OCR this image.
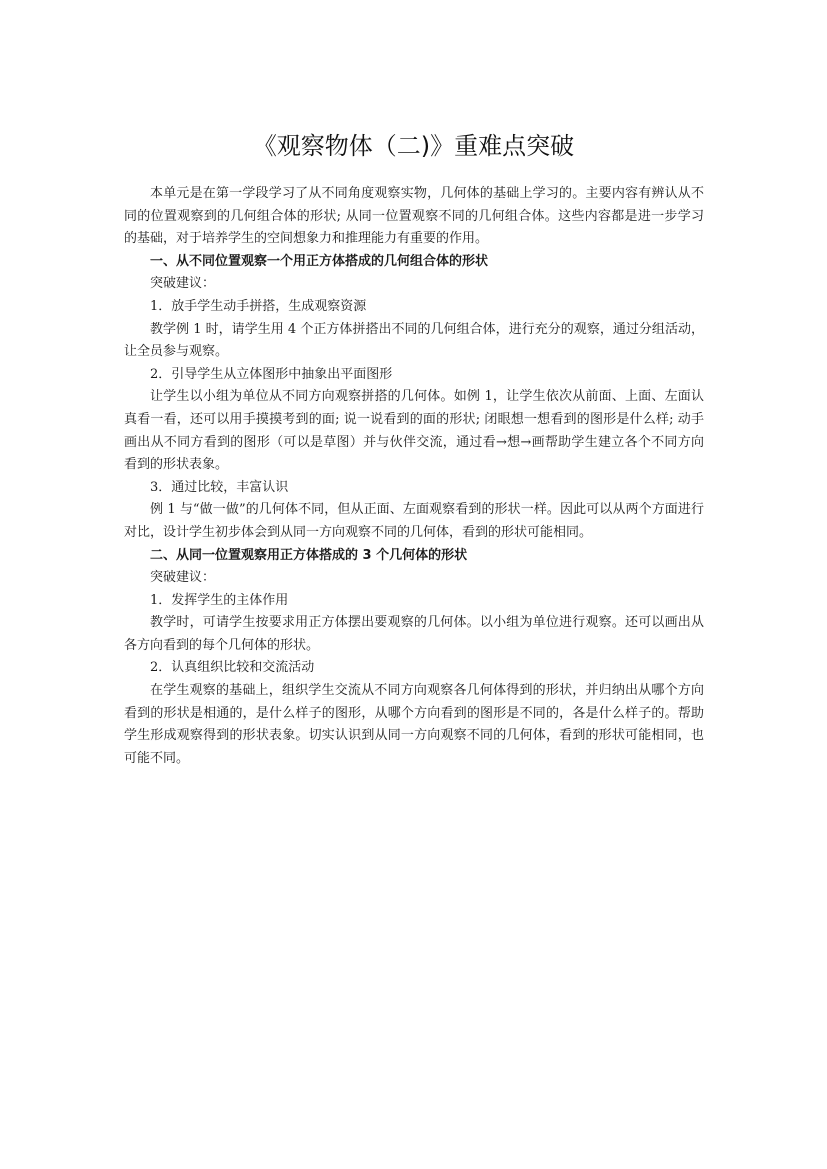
《观察物体（二)》重难点突破

本单元是在第一学段学习了从不同角度观察实物，几何体的基础上学习的。主要内容有辨认从不同的位置观察到的几何组合体的形状; 从同一位置观察不同的几何组合体。这些内容都是进一步学习的基础，对于培养学生的空间想象力和推理能力有重要的作用。

一、从不同位置观察一个用正方体搭成的几何组合体的形状

突破建议：

1．放手学生动手拼搭，生成观察资源

教学例 1 时，请学生用 4 个正方体拼搭出不同的几何组合体，进行充分的观察，通过分组活动，让全员参与观察。

2．引导学生从立体图形中抽象出平面图形

让学生以小组为单位从不同方向观察拼搭的几何体。如例 1，让学生依次从前面、上面、左面认真看一看，还可以用手摸摸考到的面; 说一说看到的面的形状; 闭眼想一想看到的图形是什么样; 动手画出从不同方看到的图形（可以是草图）并与伙伴交流，通过看→想→画帮助学生建立各个不同方向看到的形状表象。

3．通过比较，丰富认识

例 1 与“做一做”的几何体不同，但从正面、左面观察看到的形状一样。因此可以从两个方面进行对比，设计学生初步体会到从同一方向观察不同的几何体，看到的形状可能相同。

二、从同一位置观察用正方体搭成的 3 个几何体的形状

突破建议：

1．发挥学生的主体作用

教学时，可请学生按要求用正方体摆出要观察的几何体。以小组为单位进行观察。还可以画出从各方向看到的每个几何体的形状。

2．认真组织比较和交流活动

在学生观察的基础上，组织学生交流从不同方向观察各几何体得到的形状，并归纳出从哪个方向看到的形状是相通的，是什么样子的图形，从哪个方向看到的图形是不同的，各是什么样子的。帮助学生形成观察得到的形状表象。切实认识到从同一方向观察不同的几何体，看到的形状可能相同，也可能不同。
